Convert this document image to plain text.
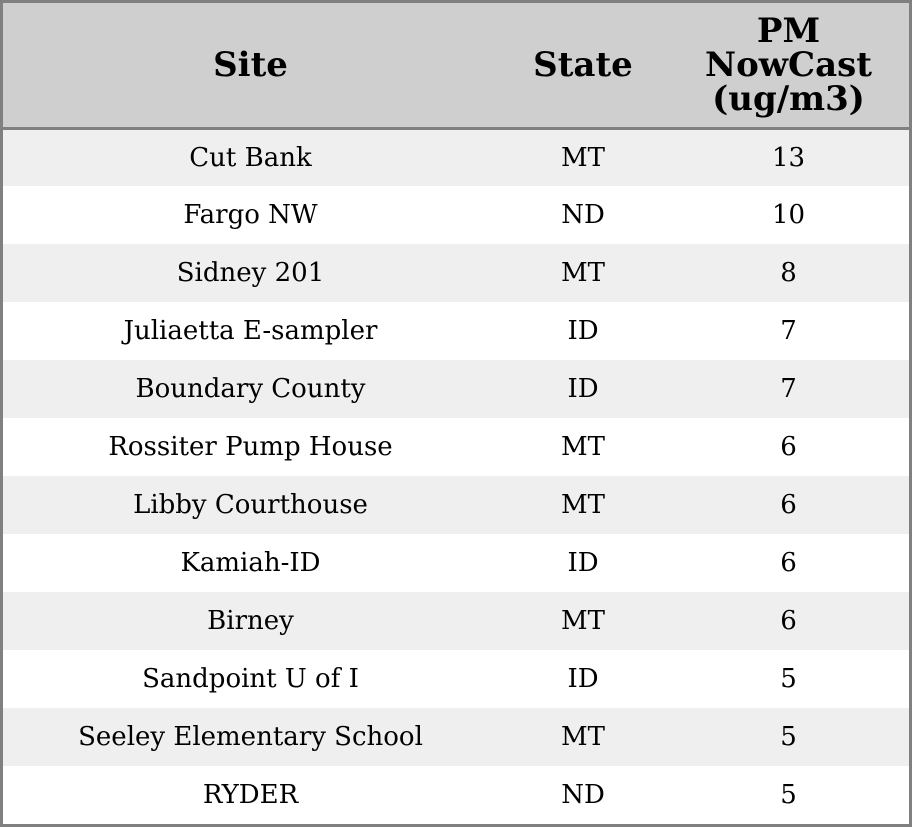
Site	State	PM
NowCast
(ug/m3)

Cut Bank	MT	13
Fargo NW	ND	10
Sidney 201	MT	8
Juliaetta E-sampler	ID	7
Boundary County	ID	7
Rossiter Pump House	MT	6
Libby Courthouse	MT	6
Kamiah-ID	ID	6
Birney	MT	6
Sandpoint U of I	ID	5
Seeley Elementary School	MT	5
RYDER	ND	5
